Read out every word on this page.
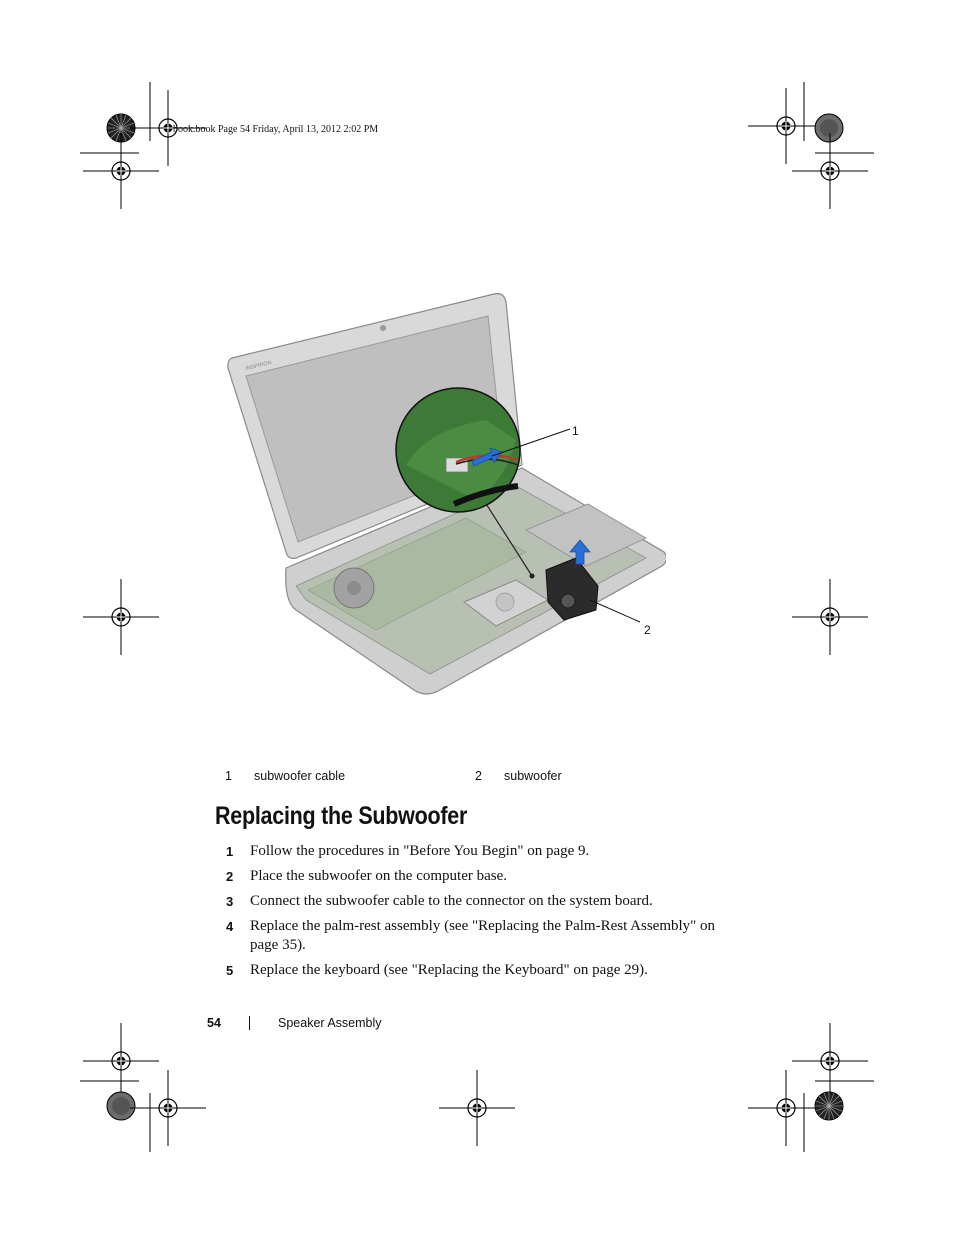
book.book Page 54 Friday, April 13, 2012 2:02 PM
INSPIRON
1
2
1 subwoofer cable	2 subwoofer
Replacing the Subwoofer
1 Follow the procedures in "Before You Begin" on page 9.
2 Place the subwoofer on the computer base.
3 Connect the subwoofer cable to the connector on the system board.
4 Replace the palm-rest assembly (see "Replacing the Palm-Rest Assembly" on page 35).
5 Replace the keyboard (see "Replacing the Keyboard" on page 29).
54	Speaker Assembly
